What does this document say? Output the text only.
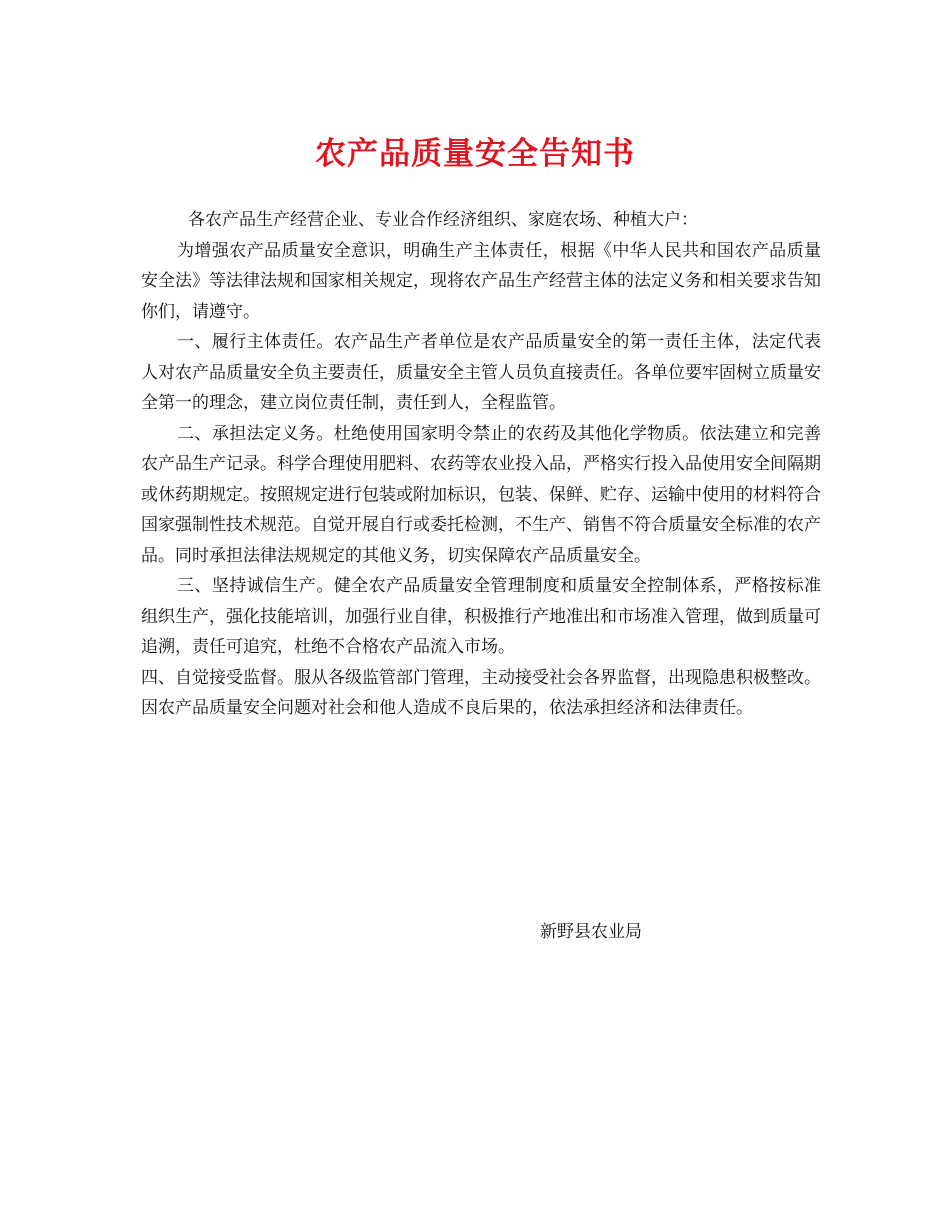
农产品质量安全告知书

各农产品生产经营企业、专业合作经济组织、家庭农场、种植大户：

为增强农产品质量安全意识，明确生产主体责任，根据《中华人民共和国农产品质量安全法》等法律法规和国家相关规定，现将农产品生产经营主体的法定义务和相关要求告知你们，请遵守。

一、履行主体责任。农产品生产者单位是农产品质量安全的第一责任主体，法定代表人对农产品质量安全负主要责任，质量安全主管人员负直接责任。各单位要牢固树立质量安全第一的理念，建立岗位责任制，责任到人，全程监管。

二、承担法定义务。杜绝使用国家明令禁止的农药及其他化学物质。依法建立和完善农产品生产记录。科学合理使用肥料、农药等农业投入品，严格实行投入品使用安全间隔期或休药期规定。按照规定进行包装或附加标识，包装、保鲜、贮存、运输中使用的材料符合国家强制性技术规范。自觉开展自行或委托检测，不生产、销售不符合质量安全标准的农产品。同时承担法律法规规定的其他义务，切实保障农产品质量安全。

三、坚持诚信生产。健全农产品质量安全管理制度和质量安全控制体系，严格按标准组织生产，强化技能培训，加强行业自律，积极推行产地准出和市场准入管理，做到质量可追溯，责任可追究，杜绝不合格农产品流入市场。

四、自觉接受监督。服从各级监管部门管理，主动接受社会各界监督，出现隐患积极整改。因农产品质量安全问题对社会和他人造成不良后果的，依法承担经济和法律责任。

新野县农业局
